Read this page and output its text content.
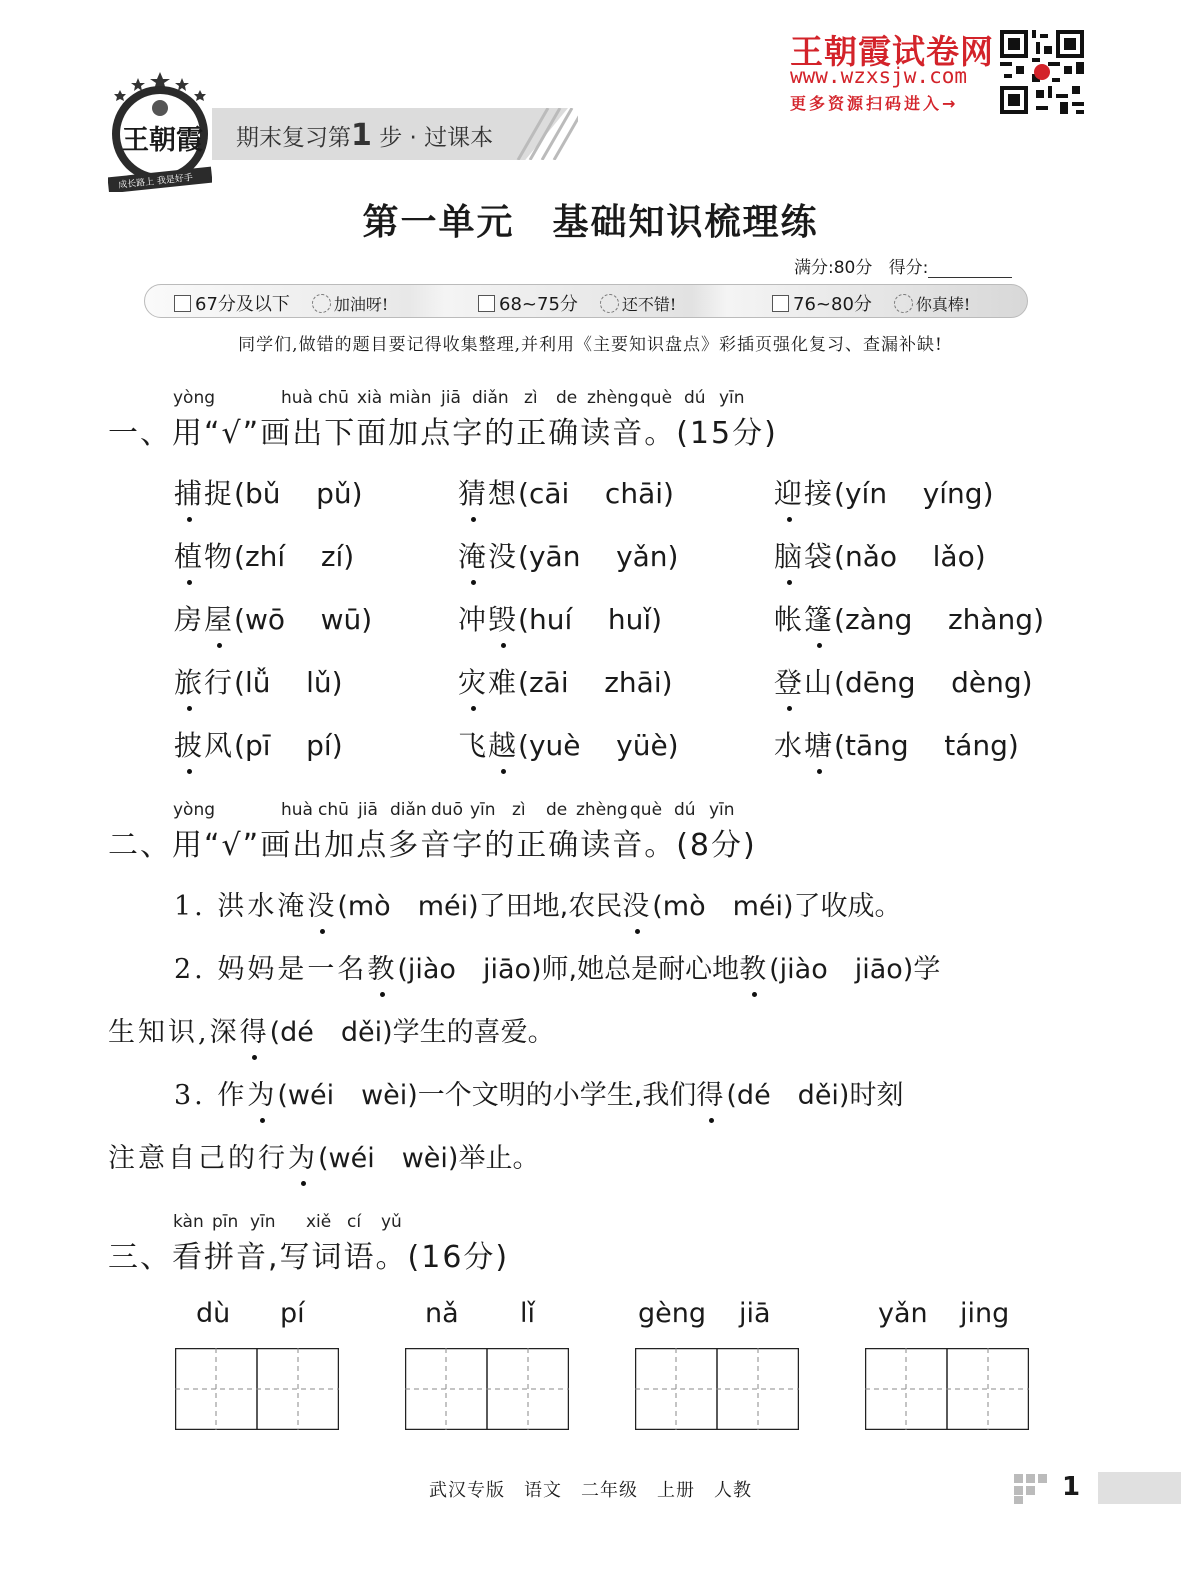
王朝霞
成长路上 我是好手
期末复习第1 步 · 过课本
王朝霞试卷网
www.wzxsjw.com
更多资源扫码进入→
第一单元　基础知识梳理练
满分:80分 得分:
67分及以下	加油呀!	68~75分	还不错!	76~80分	你真棒!
同学们,做错的题目要记得收集整理,并利用《主要知识盘点》彩插页强化复习、查漏补缺!
yòng	huà chū xià miàn jiā diǎn zì de zhèng què dú yīn
一、用“√”画出下面加点字的正确读音。(15分)
捕捉(bǔ pǔ)	猜想(cāi chāi)	迎接(yín yíng)
植物(zhí zí)	淹没(yān yǎn)	脑袋(nǎo lǎo)
房屋(wō wū)	冲毁(huí huǐ)	帐篷(zàng zhàng)
旅行(lǚ lǔ)	灾难(zāi zhāi)	登山(dēng dèng)
披风(pī pí)	飞越(yuè yüè)	水塘(tāng táng)
yòng	huà chū jiā diǎn duō yīn zì de zhèng què dú yīn
二、用“√”画出加点多音字的正确读音。(8分)
1. 洪水淹没(mò　méi)了田地,农民没(mò　méi)了收成。
2. 妈妈是一名教(jiào　jiāo)师,她总是耐心地教(jiào　jiāo)学
生知识,深得(dé　děi)学生的喜爱。
3. 作为(wéi　wèi)一个文明的小学生,我们得(dé　děi)时刻
注意自己的行为(wéi　wèi)举止。
kàn pīn yīn xiě cí yǔ
三、看拼音,写词语。(16分)
dù pí	nǎ lǐ	gèng jiā	yǎn jing
武汉专版　语文　二年级　上册　人教	1
